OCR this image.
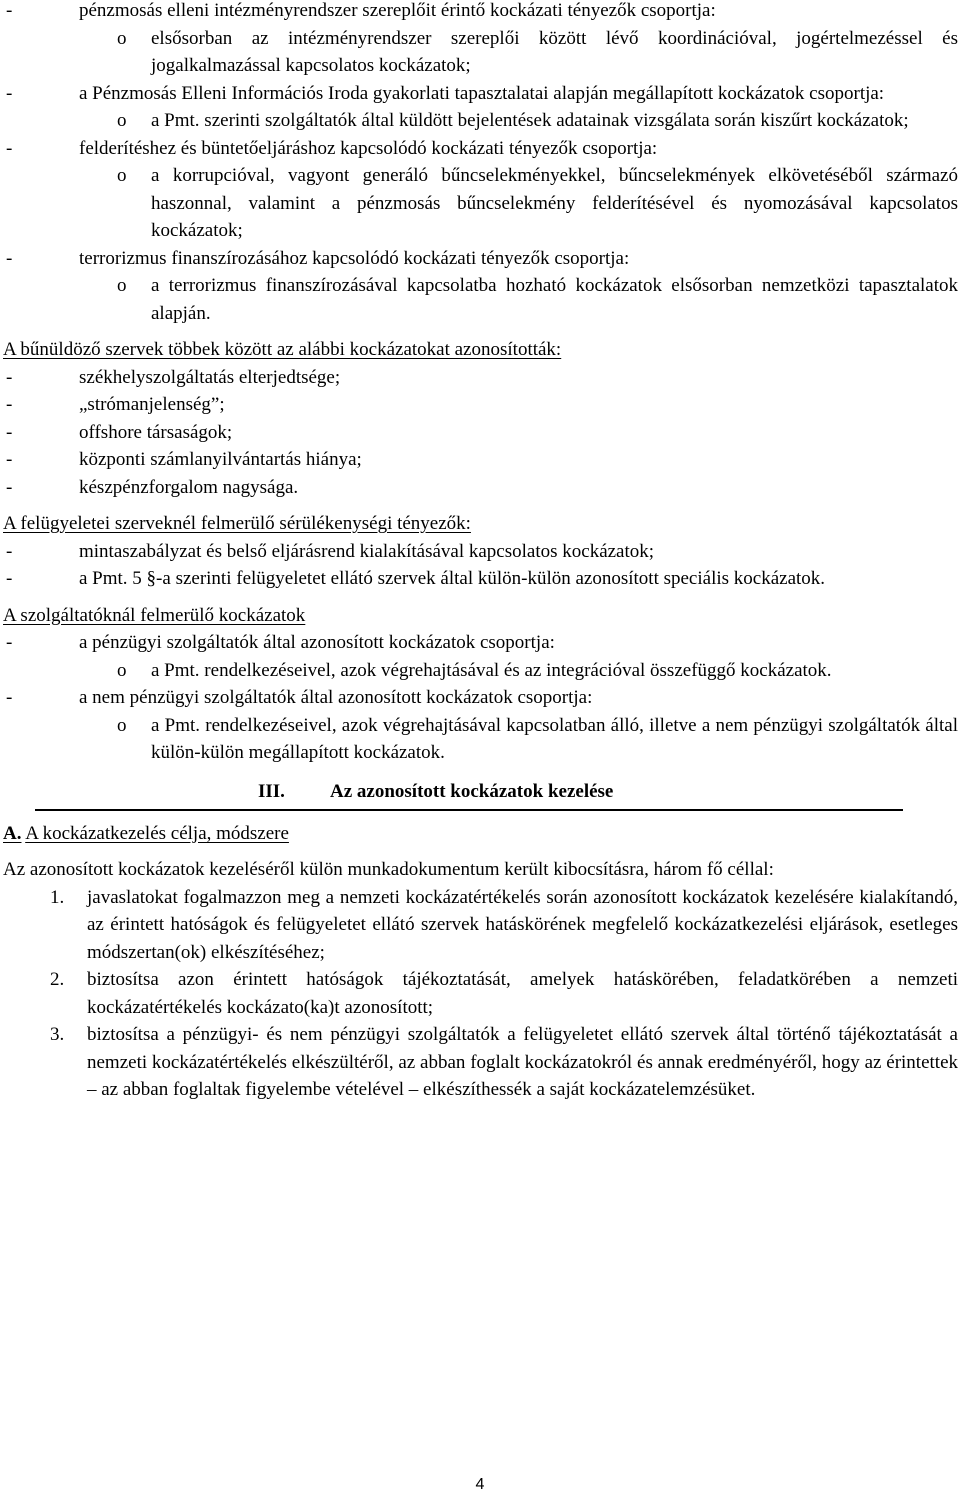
-	pénzmosás elleni intézményrendszer szereplőit érintő kockázati tényezők csoportja:
o elsősorban az intézményrendszer szereplői között lévő koordinációval, jogértelmezéssel és jogalkalmazással kapcsolatos kockázatok;
-	a Pénzmosás Elleni Információs Iroda gyakorlati tapasztalatai alapján megállapított kockázatok csoportja:
o a Pmt. szerinti szolgáltatók által küldött bejelentések adatainak vizsgálata során kiszűrt kockázatok;
-	felderítéshez és büntetőeljáráshoz kapcsolódó kockázati tényezők csoportja:
o a korrupcióval, vagyont generáló bűncselekményekkel, bűncselekmények elkövetéséből származó haszonnal, valamint a pénzmosás bűncselekmény felderítésével és nyomozásával kapcsolatos kockázatok;
-	terrorizmus finanszírozásához kapcsolódó kockázati tényezők csoportja:
o a terrorizmus finanszírozásával kapcsolatba hozható kockázatok elsősorban nemzetközi tapasztalatok alapján.
A bűnüldöző szervek többek között az alábbi kockázatokat azonosították:
-	székhelyszolgáltatás elterjedtsége;
-	„strómanjelenség”;
-	offshore társaságok;
-	központi számlanyilvántartás hiánya;
-	készpénzforgalom nagysága.
A felügyeletei szerveknél felmerülő sérülékenységi tényezők:
-	mintaszabályzat és belső eljárásrend kialakításával kapcsolatos kockázatok;
-	a Pmt. 5 §-a szerinti felügyeletet ellátó szervek által külön-külön azonosított speciális kockázatok.
A szolgáltatóknál felmerülő kockázatok
-	a pénzügyi szolgáltatók által azonosított kockázatok csoportja:
o a Pmt. rendelkezéseivel, azok végrehajtásával és az integrációval összefüggő kockázatok.
-	a nem pénzügyi szolgáltatók által azonosított kockázatok csoportja:
o a Pmt. rendelkezéseivel, azok végrehajtásával kapcsolatban álló, illetve a nem pénzügyi szolgáltatók által külön-külön megállapított kockázatok.
III. Az azonosított kockázatok kezelése
A. A kockázatkezelés célja, módszere
Az azonosított kockázatok kezeléséről külön munkadokumentum került kibocsításra, három fő céllal:
1. javaslatokat fogalmazzon meg a nemzeti kockázatértékelés során azonosított kockázatok kezelésére kialakítandó, az érintett hatóságok és felügyeletet ellátó szervek hatáskörének megfelelő kockázatkezelési eljárások, esetleges módszertan(ok) elkészítéséhez;
2. biztosítsa azon érintett hatóságok tájékoztatását, amelyek hatáskörében, feladatkörében a nemzeti kockázatértékelés kockázato(ka)t azonosított;
3. biztosítsa a pénzügyi- és nem pénzügyi szolgáltatók a felügyeletet ellátó szervek által történő tájékoztatását a nemzeti kockázatértékelés elkészültéről, az abban foglalt kockázatokról és annak eredményéről, hogy az érintettek – az abban foglaltak figyelembe vételével – elkészíthessék a saját kockázatelemzésüket.
4
